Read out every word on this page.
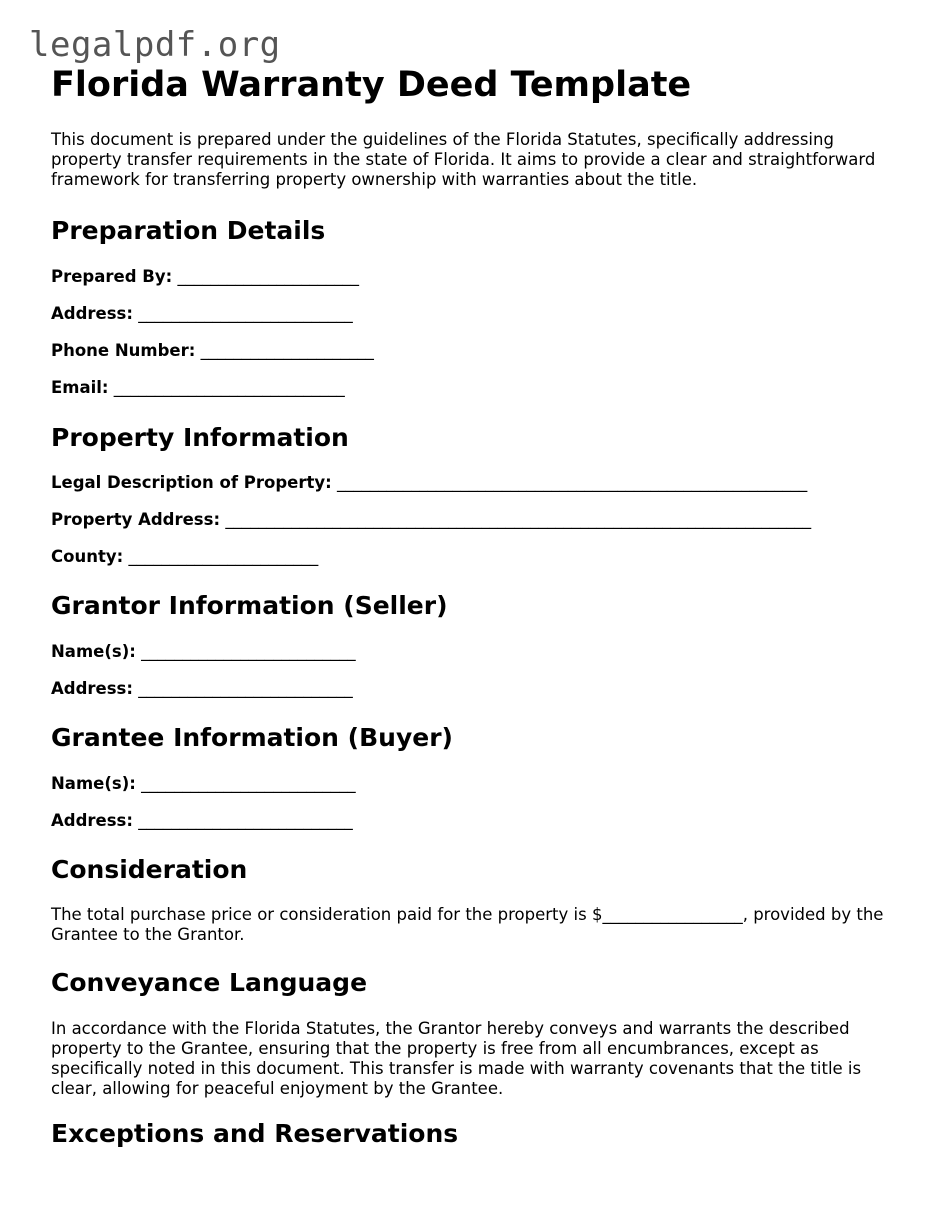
legalpdf.org
Florida Warranty Deed Template

This document is prepared under the guidelines of the Florida Statutes, specifically addressing property transfer requirements in the state of Florida. It aims to provide a clear and straightforward framework for transferring property ownership with warranties about the title.

Preparation Details

Prepared By: ______________________

Address: __________________________

Phone Number: _____________________

Email: ____________________________

Property Information

Legal Description of Property: _________________________________________________________

Property Address: _______________________________________________________________________

County: _______________________

Grantor Information (Seller)

Name(s): __________________________

Address: __________________________

Grantee Information (Buyer)

Name(s): __________________________

Address: __________________________

Consideration

The total purchase price or consideration paid for the property is $_________________, provided by the Grantee to the Grantor.

Conveyance Language

In accordance with the Florida Statutes, the Grantor hereby conveys and warrants the described property to the Grantee, ensuring that the property is free from all encumbrances, except as specifically noted in this document. This transfer is made with warranty covenants that the title is clear, allowing for peaceful enjoyment by the Grantee.

Exceptions and Reservations
